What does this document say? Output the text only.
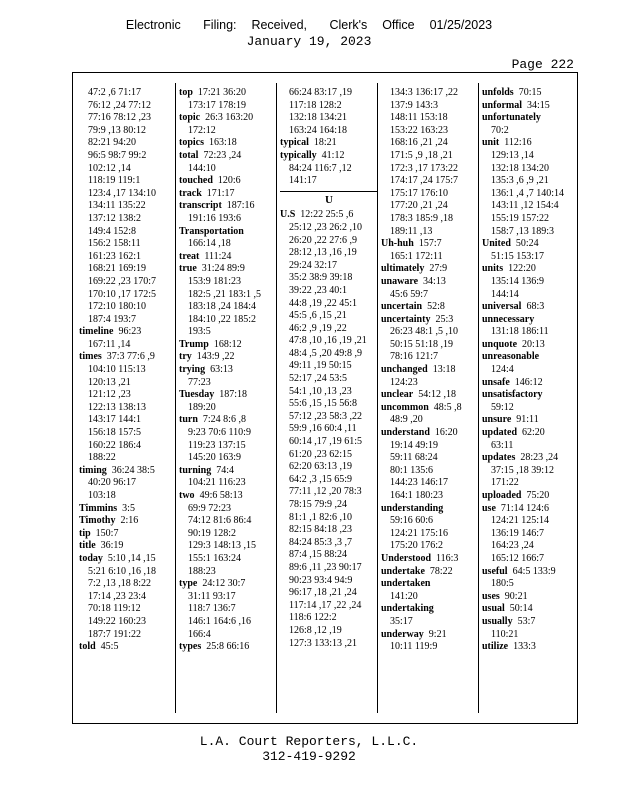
Electronic   Filing:  Received,   Clerk's  Office  01/25/2023
January 19, 2023
Page 222
47:2 ,6 71:17
76:12 ,24 77:12
77:16 78:12 ,23
79:9 ,13 80:12
82:21 94:20
96:5 98:7 99:2
102:12 ,14
118:19 119:1
123:4 ,17 134:10
134:11 135:22
137:12 138:2
149:4 152:8
156:2 158:11
161:23 162:1
168:21 169:19
169:22 ,23 170:7
170:10 ,17 172:5
172:10 180:10
187:4 193:7
timeline 96:23
167:11 ,14
times 37:3 77:6 ,9
104:10 115:13
120:13 ,21
121:12 ,23
122:13 138:13
143:17 144:1
156:18 157:5
160:22 186:4
188:22
timing 36:24 38:5
40:20 96:17
103:18
Timmins 3:5
Timothy 2:16
tip 150:7
title 36:19
today 5:10 ,14 ,15
5:21 6:10 ,16 ,18
7:2 ,13 ,18 8:22
17:14 ,23 23:4
70:18 119:12
149:22 160:23
187:7 191:22
told 45:5
top 17:21 36:20
173:17 178:19
topic 26:3 163:20
172:12
topics 163:18
total 72:23 ,24
144:10
touched 120:6
track 171:17
transcript 187:16
191:16 193:6
Transportation
166:14 ,18
treat 111:24
true 31:24 89:9
153:9 181:23
182:5 ,21 183:1 ,5
183:18 ,24 184:4
184:10 ,22 185:2
193:5
Trump 168:12
try 143:9 ,22
trying 63:13
77:23
Tuesday 187:18
189:20
turn 7:24 8:6 ,8
9:23 70:6 110:9
119:23 137:15
145:20 163:9
turning 74:4
104:21 116:23
two 49:6 58:13
69:9 72:23
74:12 81:6 86:4
90:19 128:2
129:3 148:13 ,15
155:1 163:24
188:23
type 24:12 30:7
31:11 93:17
118:7 136:7
146:1 164:6 ,16
166:4
types 25:8 66:16
66:24 83:17 ,19
117:18 128:2
132:18 134:21
163:24 164:18
typical 18:21
typically 41:12
84:24 116:7 ,12
141:17
U
U.S 12:22 25:5 ,6
25:12 ,23 26:2 ,10
26:20 ,22 27:6 ,9
28:12 ,13 ,16 ,19
29:24 32:17
35:2 38:9 39:18
39:22 ,23 40:1
44:8 ,19 ,22 45:1
45:5 ,6 ,15 ,21
46:2 ,9 ,19 ,22
47:8 ,10 ,16 ,19 ,21
48:4 ,5 ,20 49:8 ,9
49:11 ,19 50:15
52:17 ,24 53:5
54:1 ,10 ,13 ,23
55:6 ,15 ,15 56:8
57:12 ,23 58:3 ,22
59:9 ,16 60:4 ,11
60:14 ,17 ,19 61:5
61:20 ,23 62:15
62:20 63:13 ,19
64:2 ,3 ,15 65:9
77:11 ,12 ,20 78:3
78:15 79:9 ,24
81:1 ,1 82:6 ,10
82:15 84:18 ,23
84:24 85:3 ,3 ,7
87:4 ,15 88:24
89:6 ,11 ,23 90:17
90:23 93:4 94:9
96:17 ,18 ,21 ,24
117:14 ,17 ,22 ,24
118:6 122:2
126:8 ,12 ,19
127:3 133:13 ,21
134:3 136:17 ,22
137:9 143:3
148:11 153:18
153:22 163:23
168:16 ,21 ,24
171:5 ,9 ,18 ,21
172:3 ,17 173:22
174:17 ,24 175:7
175:17 176:10
177:20 ,21 ,24
178:3 185:9 ,18
189:11 ,13
Uh-huh 157:7
165:1 172:11
ultimately 27:9
unaware 34:13
45:6 59:7
uncertain 52:8
uncertainty 25:3
26:23 48:1 ,5 ,10
50:15 51:18 ,19
78:16 121:7
unchanged 13:18
124:23
unclear 54:12 ,18
uncommon 48:5 ,8
48:9 ,20
understand 16:20
19:14 49:19
59:11 68:24
80:1 135:6
144:23 146:17
164:1 180:23
understanding
59:16 60:6
124:21 175:16
175:20 176:2
Understood 116:3
undertake 78:22
undertaken
141:20
undertaking
35:17
underway 9:21
10:11 119:9
unfolds 70:15
unformal 34:15
unfortunately
70:2
unit 112:16
129:13 ,14
132:18 134:20
135:3 ,6 ,9 ,21
136:1 ,4 ,7 140:14
143:11 ,12 154:4
155:19 157:22
158:7 ,13 189:3
United 50:24
51:15 153:17
units 122:20
135:14 136:9
144:14
universal 68:3
unnecessary
131:18 186:11
unquote 20:13
unreasonable
124:4
unsafe 146:12
unsatisfactory
59:12
unsure 91:11
updated 62:20
63:11
updates 28:23 ,24
37:15 ,18 39:12
171:22
uploaded 75:20
use 71:14 124:6
124:21 125:14
136:19 146:7
164:23 ,24
165:12 166:7
useful 64:5 133:9
180:5
uses 90:21
usual 50:14
usually 53:7
110:21
utilize 133:3
L.A. Court Reporters, L.L.C.
312-419-9292
